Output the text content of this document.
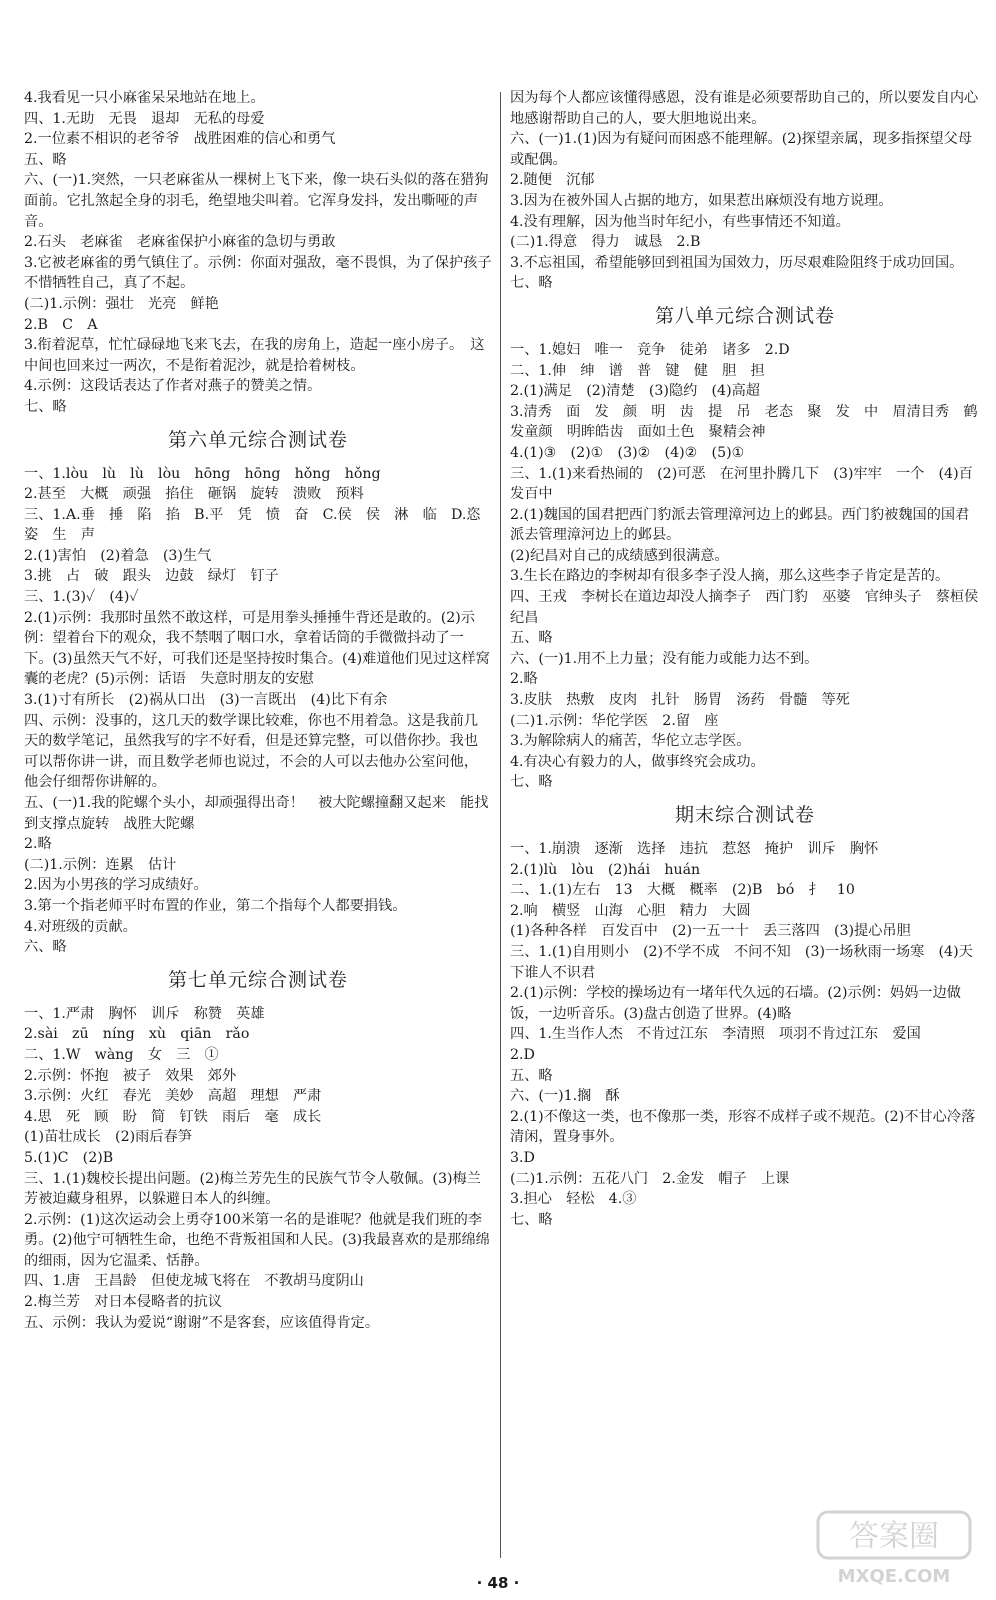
4.我看见一只小麻雀呆呆地站在地上。

四、1.无助　无畏　退却　无私的母爱

2.一位素不相识的老爷爷　战胜困难的信心和勇气

五、略

六、(一)1.突然，一只老麻雀从一棵树上飞下来，像一块石头似的落在猎狗面前。它扎煞起全身的羽毛，绝望地尖叫着。它浑身发抖，发出嘶哑的声音。

2.石头　老麻雀　老麻雀保护小麻雀的急切与勇敢

3.它被老麻雀的勇气镇住了。示例：你面对强敌，毫不畏惧，为了保护孩子不惜牺牲自己，真了不起。

(二)1.示例：强壮　光亮　鲜艳

2.B　C　A

3.衔着泥草，忙忙碌碌地飞来飞去，在我的房角上，造起一座小房子。　这中间也回来过一两次，不是衔着泥沙，就是拾着树枝。

4.示例：这段话表达了作者对燕子的赞美之情。

七、略

第六单元综合测试卷

一、1.lòu　lù　lù　lòu　hōng　hōng　hǒng　hǒng

2.甚至　大概　顽强　掐住　砸锅　旋转　溃败　预料

三、1.A.垂　捶　陷　掐　B.平　凭　愤　奋　C.侯　侯　淋　临　D.恣　姿　生　声

2.(1)害怕　(2)着急　(3)生气

3.挑　占　破　跟头　边鼓　绿灯　钉子

三、1.(3)✓　(4)✓

2.(1)示例：我那时虽然不敢这样，可是用拳头捶捶牛背还是敢的。(2)示例：望着台下的观众，我不禁咽了咽口水，拿着话筒的手微微抖动了一下。(3)虽然天气不好，可我们还是坚持按时集合。(4)难道他们见过这样窝囊的老虎？(5)示例：话语　失意时朋友的安慰

3.(1)寸有所长　(2)祸从口出　(3)一言既出　(4)比下有余

四、示例：没事的，这几天的数学课比较难，你也不用着急。这是我前几天的数学笔记，虽然我写的字不好看，但是还算完整，可以借你抄。我也可以帮你讲一讲，而且数学老师也说过，不会的人可以去他办公室问他，他会仔细帮你讲解的。

五、(一)1.我的陀螺个头小，却顽强得出奇！　被大陀螺撞翻又起来　能找到支撑点旋转　战胜大陀螺

2.略

(二)1.示例：连累　估计

2.因为小男孩的学习成绩好。

3.第一个指老师平时布置的作业，第二个指每个人都要捐钱。

4.对班级的贡献。

六、略

第七单元综合测试卷

一、1.严肃　胸怀　训斥　称赞　英雄

2.sài　zū　níng　xù　qiān　rǎo

二、1.W　wàng　女　三　①

2.示例：怀抱　被子　效果　郊外

3.示例：火红　春光　美妙　高超　理想　严肃

4.思　死　顾　盼　简　钉铁　雨后　毫　成长

(1)苗壮成长　(2)雨后春笋

5.(1)C　(2)B

三、1.(1)魏校长提出问题。(2)梅兰芳先生的民族气节令人敬佩。(3)梅兰芳被迫藏身租界，以躲避日本人的纠缠。

2.示例：(1)这次运动会上勇夺100米第一名的是谁呢？他就是我们班的李勇。(2)他宁可牺牲生命，也绝不背叛祖国和人民。(3)我最喜欢的是那绵绵的细雨，因为它温柔、恬静。

四、1.唐　王昌龄　但使龙城飞将在　不教胡马度阴山

2.梅兰芳　对日本侵略者的抗议

五、示例：我认为爱说“谢谢”不是客套，应该值得肯定。

因为每个人都应该懂得感恩，没有谁是必须要帮助自己的，所以要发自内心地感谢帮助自己的人，要大胆地说出来。

六、(一)1.(1)因为有疑问而困惑不能理解。(2)探望亲属，现多指探望父母或配偶。

2.随便　沉郁

3.因为在被外国人占据的地方，如果惹出麻烦没有地方说理。

4.没有理解，因为他当时年纪小，有些事情还不知道。

(二)1.得意　得力　诚恳　2.B

3.不忘祖国，希望能够回到祖国为国效力，历尽艰难险阻终于成功回国。

七、略

第八单元综合测试卷

一、1.媳妇　唯一　竞争　徒弟　诸多　2.D

二、1.伸　绅　谱　普　键　健　胆　担

2.(1)满足　(2)清楚　(3)隐约　(4)高超

3.清秀　面　发　颜　明　齿　提　吊　老态　聚　发　中　眉清目秀　鹤发童颜　明眸皓齿　面如土色　聚精会神

4.(1)③　(2)①　(3)②　(4)②　(5)①

三、1.(1)来看热闹的　(2)可恶　在河里扑腾几下　(3)牢牢　一个　(4)百发百中

2.(1)魏国的国君把西门豹派去管理漳河边上的邺县。西门豹被魏国的国君派去管理漳河边上的邺县。

(2)纪昌对自己的成绩感到很满意。

3.生长在路边的李树却有很多李子没人摘，那么这些李子肯定是苦的。

四、王戎　李树长在道边却没人摘李子　西门豹　巫婆　官绅头子　蔡桓侯　纪昌

五、略

六、(一)1.用不上力量；没有能力或能力达不到。

2.略

3.皮肤　热敷　皮肉　扎针　肠胃　汤药　骨髓　等死

(二)1.示例：华佗学医　2.留　座

3.为解除病人的痛苦，华佗立志学医。

4.有决心有毅力的人，做事终究会成功。

七、略

期末综合测试卷

一、1.崩溃　逐渐　选择　违抗　惹怒　掩护　训斥　胸怀

2.(1)lù　lòu　(2)hái　huán

二、1.(1)左右　13　大概　概率　(2)B　bó　扌　10

2.响　横竖　山海　心胆　精力　大圆

(1)各种各样　百发百中　(2)一五一十　丢三落四　(3)提心吊胆

三、1.(1)自用则小　(2)不学不成　不问不知　(3)一场秋雨一场寒　(4)天下谁人不识君

2.(1)示例：学校的操场边有一堵年代久远的石墙。(2)示例：妈妈一边做饭，一边听音乐。(3)盘古创造了世界。(4)略

四、1.生当作人杰　不肯过江东　李清照　项羽不肯过江东　爱国

2.D

五、略

六、(一)1.搁　酥

2.(1)不像这一类，也不像那一类，形容不成样子或不规范。(2)不甘心冷落清闲，置身事外。

3.D

(二)1.示例：五花八门　2.金发　帽子　上课

3.担心　轻松　4.③

七、略

· 48 ·
答案圈
MXQE.COM
